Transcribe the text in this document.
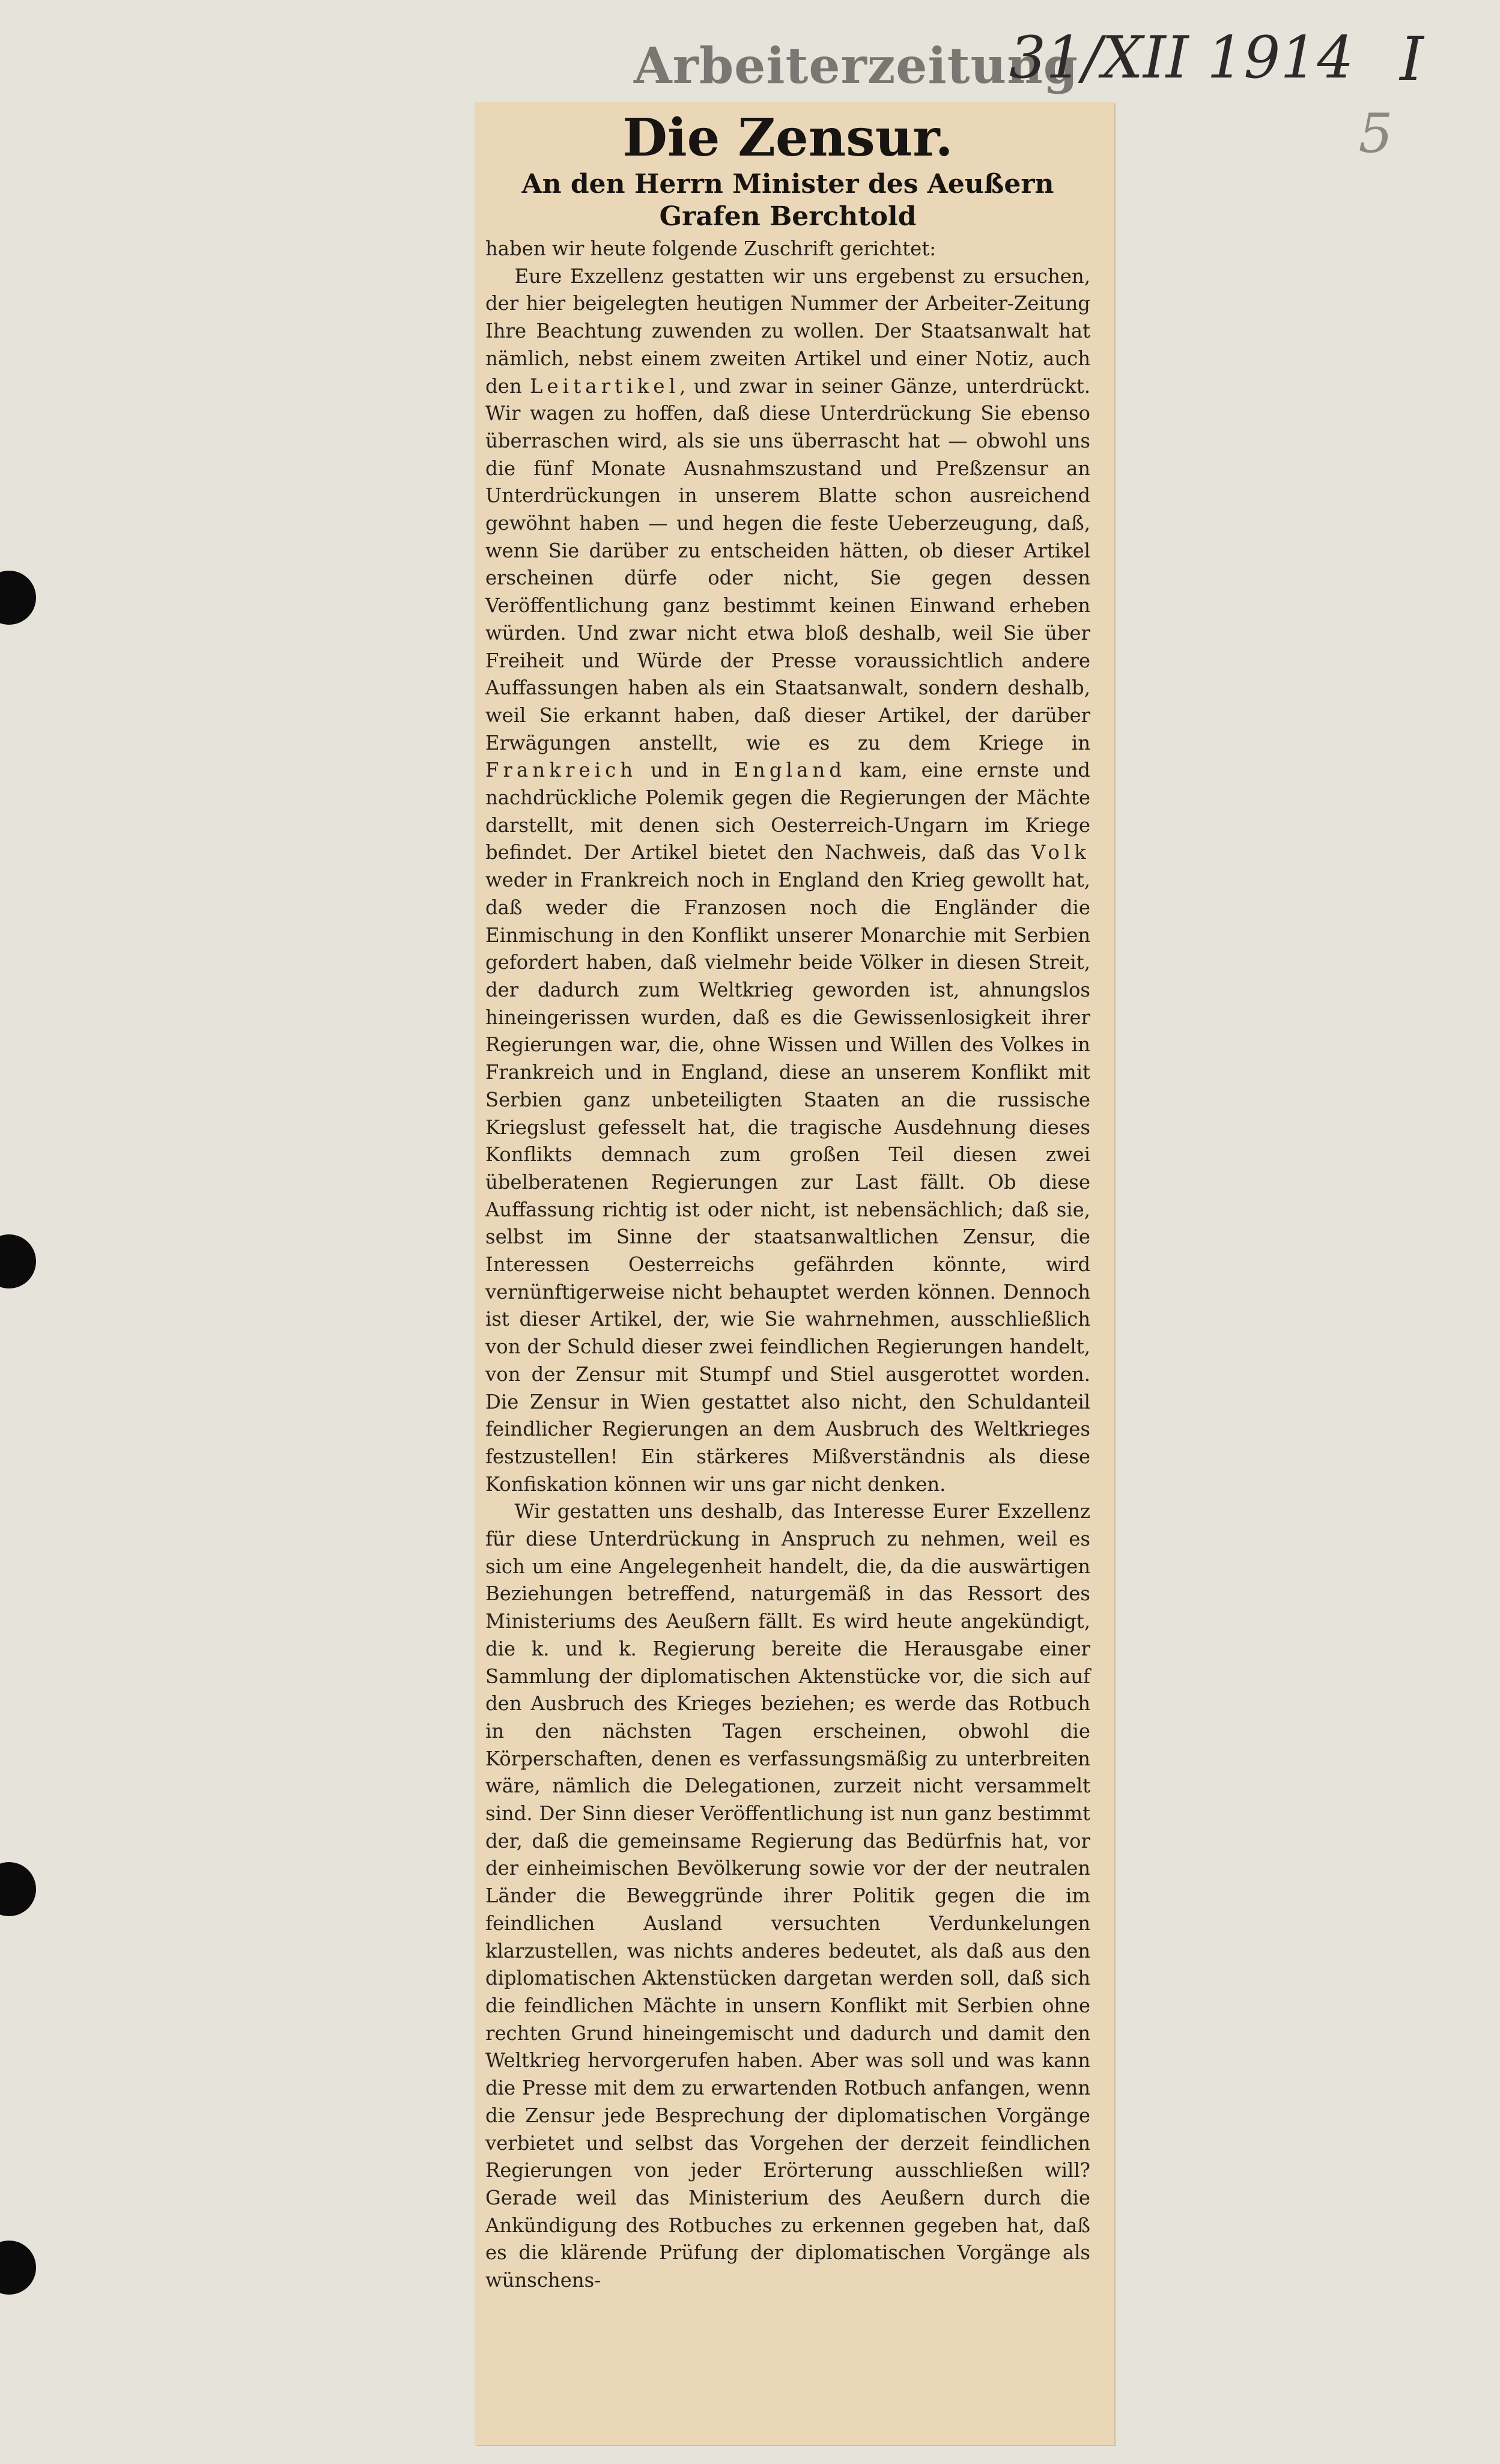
Arbeiterzeitung
31/XII 1914 I
5
Die Zensur.
An den Herrn Minister des Aeußern Grafen Berchtold

haben wir heute folgende Zuschrift gerichtet:

Eure Exzellenz gestatten wir uns ergebenst zu ersuchen, der hier beigelegten heutigen Nummer der Arbeiter-Zeitung Ihre Beachtung zuwenden zu wollen. Der Staatsanwalt hat nämlich, nebst einem zweiten Artikel und einer Notiz, auch den Leitartikel, und zwar in seiner Gänze, unterdrückt. Wir wagen zu hoffen, daß diese Unterdrückung Sie ebenso überraschen wird, als sie uns überrascht hat — obwohl uns die fünf Monate Ausnahmszustand und Preßzensur an Unterdrückungen in unserem Blatte schon ausreichend gewöhnt haben — und hegen die feste Ueberzeugung, daß, wenn Sie darüber zu entscheiden hätten, ob dieser Artikel erscheinen dürfe oder nicht, Sie gegen dessen Veröffentlichung ganz bestimmt keinen Einwand erheben würden. Und zwar nicht etwa bloß deshalb, weil Sie über Freiheit und Würde der Presse voraussichtlich andere Auffassungen haben als ein Staatsanwalt, sondern deshalb, weil Sie erkannt haben, daß dieser Artikel, der darüber Erwägungen anstellt, wie es zu dem Kriege in Frankreich und in England kam, eine ernste und nachdrückliche Polemik gegen die Regierungen der Mächte darstellt, mit denen sich Oesterreich-Ungarn im Kriege befindet. Der Artikel bietet den Nachweis, daß das Volk weder in Frankreich noch in England den Krieg gewollt hat, daß weder die Franzosen noch die Engländer die Einmischung in den Konflikt unserer Monarchie mit Serbien gefordert haben, daß vielmehr beide Völker in diesen Streit, der dadurch zum Weltkrieg geworden ist, ahnungslos hineingerissen wurden, daß es die Gewissenlosigkeit ihrer Regierungen war, die, ohne Wissen und Willen des Volkes in Frankreich und in England, diese an unserem Konflikt mit Serbien ganz unbeteiligten Staaten an die russische Kriegslust gefesselt hat, die tragische Ausdehnung dieses Konflikts demnach zum großen Teil diesen zwei übelberatenen Regierungen zur Last fällt. Ob diese Auffassung richtig ist oder nicht, ist nebensächlich; daß sie, selbst im Sinne der staatsanwaltlichen Zensur, die Interessen Oesterreichs gefährden könnte, wird vernünftigerweise nicht behauptet werden können. Dennoch ist dieser Artikel, der, wie Sie wahrnehmen, ausschließlich von der Schuld dieser zwei feindlichen Regierungen handelt, von der Zensur mit Stumpf und Stiel ausgerottet worden. Die Zensur in Wien gestattet also nicht, den Schuldanteil feindlicher Regierungen an dem Ausbruch des Weltkrieges festzustellen! Ein stärkeres Mißverständnis als diese Konfiskation können wir uns gar nicht denken.

Wir gestatten uns deshalb, das Interesse Eurer Exzellenz für diese Unterdrückung in Anspruch zu nehmen, weil es sich um eine Angelegenheit handelt, die, da die auswärtigen Beziehungen betreffend, naturgemäß in das Ressort des Ministeriums des Aeußern fällt. Es wird heute angekündigt, die k. und k. Regierung bereite die Herausgabe einer Sammlung der diplomatischen Aktenstücke vor, die sich auf den Ausbruch des Krieges beziehen; es werde das Rotbuch in den nächsten Tagen erscheinen, obwohl die Körperschaften, denen es verfassungsmäßig zu unterbreiten wäre, nämlich die Delegationen, zurzeit nicht versammelt sind. Der Sinn dieser Veröffentlichung ist nun ganz bestimmt der, daß die gemeinsame Regierung das Bedürfnis hat, vor der einheimischen Bevölkerung sowie vor der der neutralen Länder die Beweggründe ihrer Politik gegen die im feindlichen Ausland versuchten Verdunkelungen klarzustellen, was nichts anderes bedeutet, als daß aus den diplomatischen Aktenstücken dargetan werden soll, daß sich die feindlichen Mächte in unsern Konflikt mit Serbien ohne rechten Grund hineingemischt und dadurch und damit den Weltkrieg hervorgerufen haben. Aber was soll und was kann die Presse mit dem zu erwartenden Rotbuch anfangen, wenn die Zensur jede Besprechung der diplomatischen Vorgänge verbietet und selbst das Vorgehen der derzeit feindlichen Regierungen von jeder Erörterung ausschließen will? Gerade weil das Ministerium des Aeußern durch die Ankündigung des Rotbuches zu erkennen gegeben hat, daß es die klärende Prüfung der diplomatischen Vorgänge als wünschens-
